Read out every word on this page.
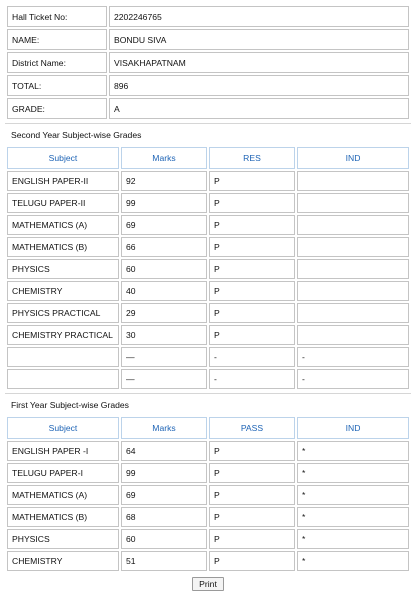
Hall Ticket No:	2202246765
NAME:	BONDU SIVA
District Name:	VISAKHAPATNAM
TOTAL:	896
GRADE:	A
Second Year Subject-wise Grades
Subject	Marks	RES	IND
ENGLISH PAPER-II	92	P	
TELUGU PAPER-II	99	P	
MATHEMATICS (A)	69	P	
MATHEMATICS (B)	66	P	
PHYSICS	60	P	
CHEMISTRY	40	P	
PHYSICS PRACTICAL	29	P	
CHEMISTRY PRACTICAL	30	P	
	—	-	-
	—	-	-
First Year Subject-wise Grades
Subject	Marks	PASS	IND
ENGLISH PAPER -I	64	P	*
TELUGU PAPER-I	99	P	*
MATHEMATICS (A)	69	P	*
MATHEMATICS (B)	68	P	*
PHYSICS	60	P	*
CHEMISTRY	51	P	*
Print
